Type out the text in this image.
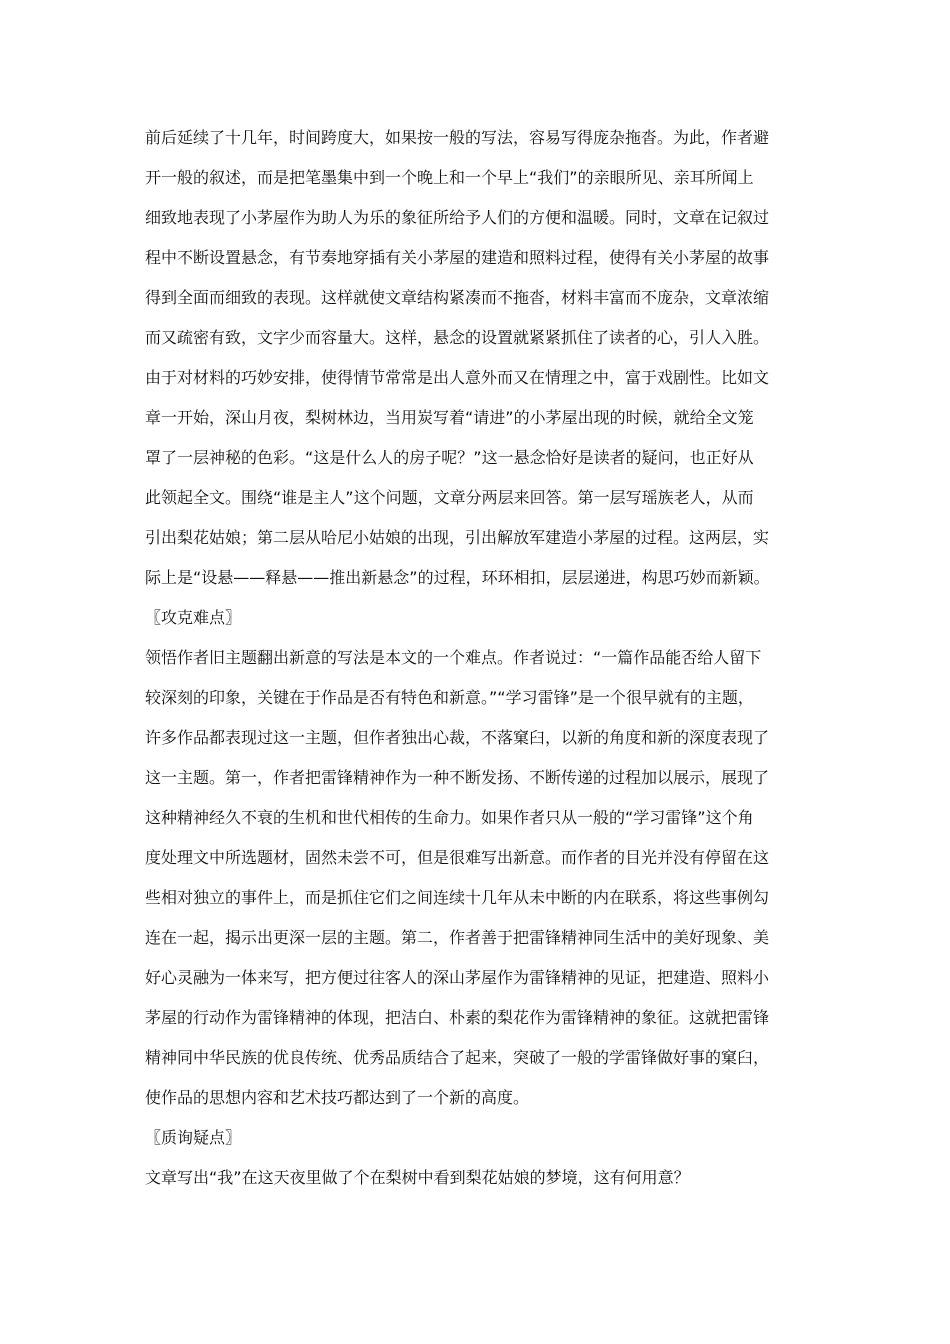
前后延续了十几年，时间跨度大，如果按一般的写法，容易写得庞杂拖沓。为此，作者避
开一般的叙述，而是把笔墨集中到一个晚上和一个早上“我们”的亲眼所见、亲耳所闻上
细致地表现了小茅屋作为助人为乐的象征所给予人们的方便和温暖。同时，文章在记叙过
程中不断设置悬念，有节奏地穿插有关小茅屋的建造和照料过程，使得有关小茅屋的故事
得到全面而细致的表现。这样就使文章结构紧凑而不拖沓，材料丰富而不庞杂，文章浓缩
而又疏密有致，文字少而容量大。这样，悬念的设置就紧紧抓住了读者的心，引人入胜。
由于对材料的巧妙安排，使得情节常常是出人意外而又在情理之中，富于戏剧性。比如文
章一开始，深山月夜，梨树林边，当用炭写着“请进”的小茅屋出现的时候，就给全文笼
罩了一层神秘的色彩。“这是什么人的房子呢？”这一悬念恰好是读者的疑问，也正好从
此领起全文。围绕“谁是主人”这个问题，文章分两层来回答。第一层写瑶族老人，从而
引出梨花姑娘；第二层从哈尼小姑娘的出现，引出解放军建造小茅屋的过程。这两层，实
际上是“设悬——释悬——推出新悬念”的过程，环环相扣，层层递进，构思巧妙而新颖。
〖攻克难点〗
领悟作者旧主题翻出新意的写法是本文的一个难点。作者说过：“一篇作品能否给人留下
较深刻的印象，关键在于作品是否有特色和新意。”“学习雷锋”是一个很早就有的主题，
许多作品都表现过这一主题，但作者独出心裁，不落窠臼，以新的角度和新的深度表现了
这一主题。第一，作者把雷锋精神作为一种不断发扬、不断传递的过程加以展示，展现了
这种精神经久不衰的生机和世代相传的生命力。如果作者只从一般的“学习雷锋”这个角
度处理文中所选题材，固然未尝不可，但是很难写出新意。而作者的目光并没有停留在这
些相对独立的事件上，而是抓住它们之间连续十几年从未中断的内在联系，将这些事例勾
连在一起，揭示出更深一层的主题。第二，作者善于把雷锋精神同生活中的美好现象、美
好心灵融为一体来写，把方便过往客人的深山茅屋作为雷锋精神的见证，把建造、照料小
茅屋的行动作为雷锋精神的体现，把洁白、朴素的梨花作为雷锋精神的象征。这就把雷锋
精神同中华民族的优良传统、优秀品质结合了起来，突破了一般的学雷锋做好事的窠臼，
使作品的思想内容和艺术技巧都达到了一个新的高度。
〖质询疑点〗
文章写出“我”在这天夜里做了个在梨树中看到梨花姑娘的梦境，这有何用意？
